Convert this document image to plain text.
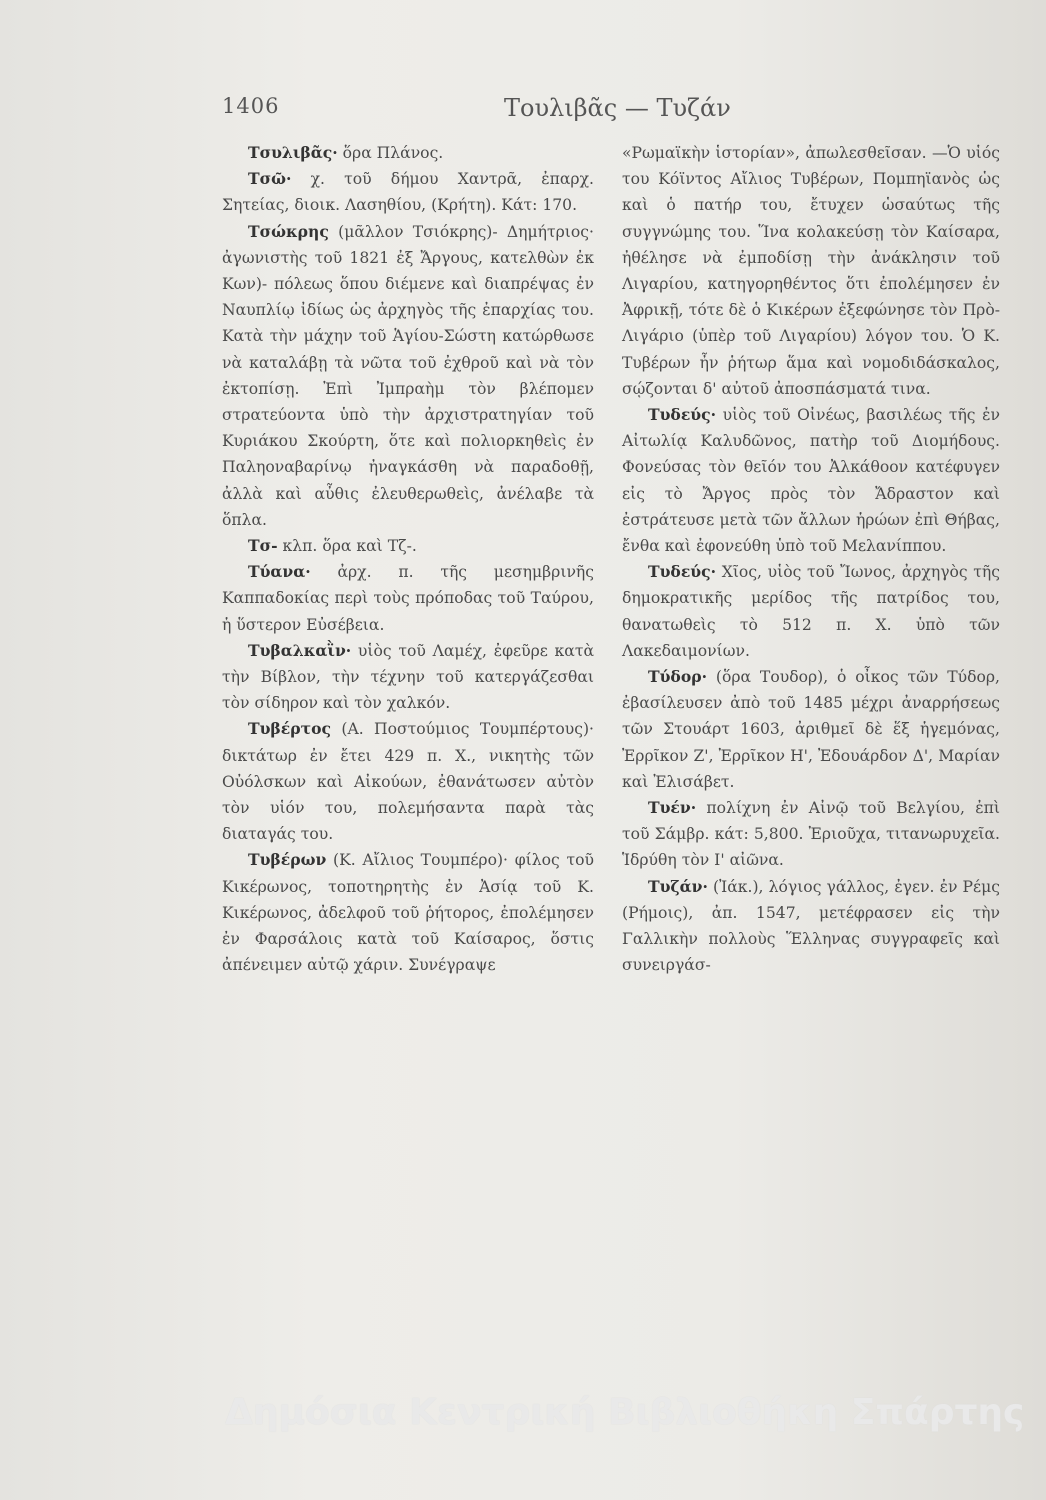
1406	Τουλιβᾶς — Τυζάν

Τσυλιβᾶς· ὅρα Πλάνος.

Τσῶ· χ. τοῦ δήμου Χαντρᾶ, ἐπαρχ. Σητείας, διοικ. Λασηθίου, (Κρήτη). Κάτ: 170.

Τσώκρης (μᾶλλον Τσιόκρης)- Δημήτριος· ἀγωνιστὴς τοῦ 1821 ἐξ Ἄργους, κατελθὼν ἐκ Κων)- πόλεως ὅπου διέμενε καὶ διαπρέψας ἐν Ναυπλίῳ ἰδίως ὡς ἀρχηγὸς τῆς ἐπαρχίας του. Κατὰ τὴν μάχην τοῦ Ἁγίου-Σώστη κατώρθωσε νὰ καταλάβῃ τὰ νῶτα τοῦ ἐχθροῦ καὶ νὰ τὸν ἐκτοπίσῃ. Ἐπὶ Ἰμπραὴμ τὸν βλέπομεν στρατεύοντα ὑπὸ τὴν ἀρχιστρατηγίαν τοῦ Κυριάκου Σκούρτη, ὅτε καὶ πολιορκηθεὶς ἐν Παληοναβαρίνῳ ἠναγκάσθη νὰ παραδοθῇ, ἀλλὰ καὶ αὖθις ἐλευθερωθεὶς, ἀνέλαβε τὰ ὅπλα.

Τσ- κλπ. ὅρα καὶ Τζ-.

Τύανα· ἀρχ. π. τῆς μεσημβρινῆς Καππαδοκίας περὶ τοὺς πρόποδας τοῦ Ταύρου, ἡ ὕστερον Εὐσέβεια.

Τυβαλκαῒν· υἱὸς τοῦ Λαμέχ, ἐφεῦρε κατὰ τὴν Βίβλον, τὴν τέχνην τοῦ κατεργάζεσθαι τὸν σίδηρον καὶ τὸν χαλκόν.

Τυβέρτος (Α. Ποστούμιος Τουμπέρτους)· δικτάτωρ ἐν ἔτει 429 π. Χ., νικητὴς τῶν Οὐόλσκων καὶ Αἰκούων, ἐθανάτωσεν αὐτὸν τὸν υἱόν του, πολεμήσαντα παρὰ τὰς διαταγάς του.

Τυβέρων (Κ. Αἴλιος Τουμπέρο)· φίλος τοῦ Κικέρωνος, τοποτηρητὴς ἐν Ἀσίᾳ τοῦ Κ. Κικέρωνος, ἀδελφοῦ τοῦ ῥήτορος, ἐπολέμησεν ἐν Φαρσάλοις κατὰ τοῦ Καίσαρος, ὅστις ἀπένειμεν αὐτῷ χάριν. Συνέγραψε

«Ρωμαϊκὴν ἱστορίαν», ἀπωλεσθεῖσαν. —Ὁ υἱός του Κόϊντος Αἴλιος Τυβέρων, Πομπηϊανὸς ὡς καὶ ὁ πατήρ του, ἔτυχεν ὡσαύτως τῆς συγγνώμης του. Ἵνα κολακεύσῃ τὸν Καίσαρα, ἠθέλησε νὰ ἐμποδίσῃ τὴν ἀνάκλησιν τοῦ Λιγαρίου, κατηγορηθέντος ὅτι ἐπολέμησεν ἐν Ἀφρικῇ, τότε δὲ ὁ Κικέρων ἐξεφώνησε τὸν Πρὸ-Λιγάριο (ὑπὲρ τοῦ Λιγαρίου) λόγον του. Ὁ Κ. Τυβέρων ἦν ῥήτωρ ἅμα καὶ νομοδιδάσκαλος, σῴζονται δ' αὐτοῦ ἀποσπάσματά τινα.

Τυδεύς· υἱὸς τοῦ Οἰνέως, βασιλέως τῆς ἐν Αἰτωλίᾳ Καλυδῶνος, πατὴρ τοῦ Διομήδους. Φονεύσας τὸν θεῖόν του Ἀλκάθοον κατέφυγεν εἰς τὸ Ἄργος πρὸς τὸν Ἄδραστον καὶ ἐστράτευσε μετὰ τῶν ἄλλων ἡρώων ἐπὶ Θήβας, ἔνθα καὶ ἐφονεύθη ὑπὸ τοῦ Μελανίππου.

Τυδεύς· Χῖος, υἱὸς τοῦ Ἴωνος, ἀρχηγὸς τῆς δημοκρατικῆς μερίδος τῆς πατρίδος του, θανατωθεὶς τὸ 512 π. Χ. ὑπὸ τῶν Λακεδαιμονίων.

Τύδορ· (ὅρα Τουδορ), ὁ οἶκος τῶν Τύδορ, ἐβασίλευσεν ἀπὸ τοῦ 1485 μέχρι ἀναρρήσεως τῶν Στουάρτ 1603, ἀριθμεῖ δὲ ἕξ ἡγεμόνας, Ἐρρῖκον Ζ', Ἐρρῖκον Η', Ἐδουάρδον Δ', Μαρίαν καὶ Ἐλισάβετ.

Τυέν· πολίχνη ἐν Αἰνῷ τοῦ Βελγίου, ἐπὶ τοῦ Σάμβρ. κάτ: 5,800. Ἐριοῦχα, τιτανωρυχεῖα. Ἱδρύθη τὸν Ι' αἰῶνα.

Τυζάν· (Ἰάκ.), λόγιος γάλλος, ἐγεν. ἐν Ρέμς (Ρήμοις), ἀπ. 1547, μετέφρασεν εἰς τὴν Γαλλικὴν πολλοὺς Ἕλληνας συγγραφεῖς καὶ συνειργάσ-

Δημόσια Κεντρική Βιβλιοθήκη Σπάρτης
